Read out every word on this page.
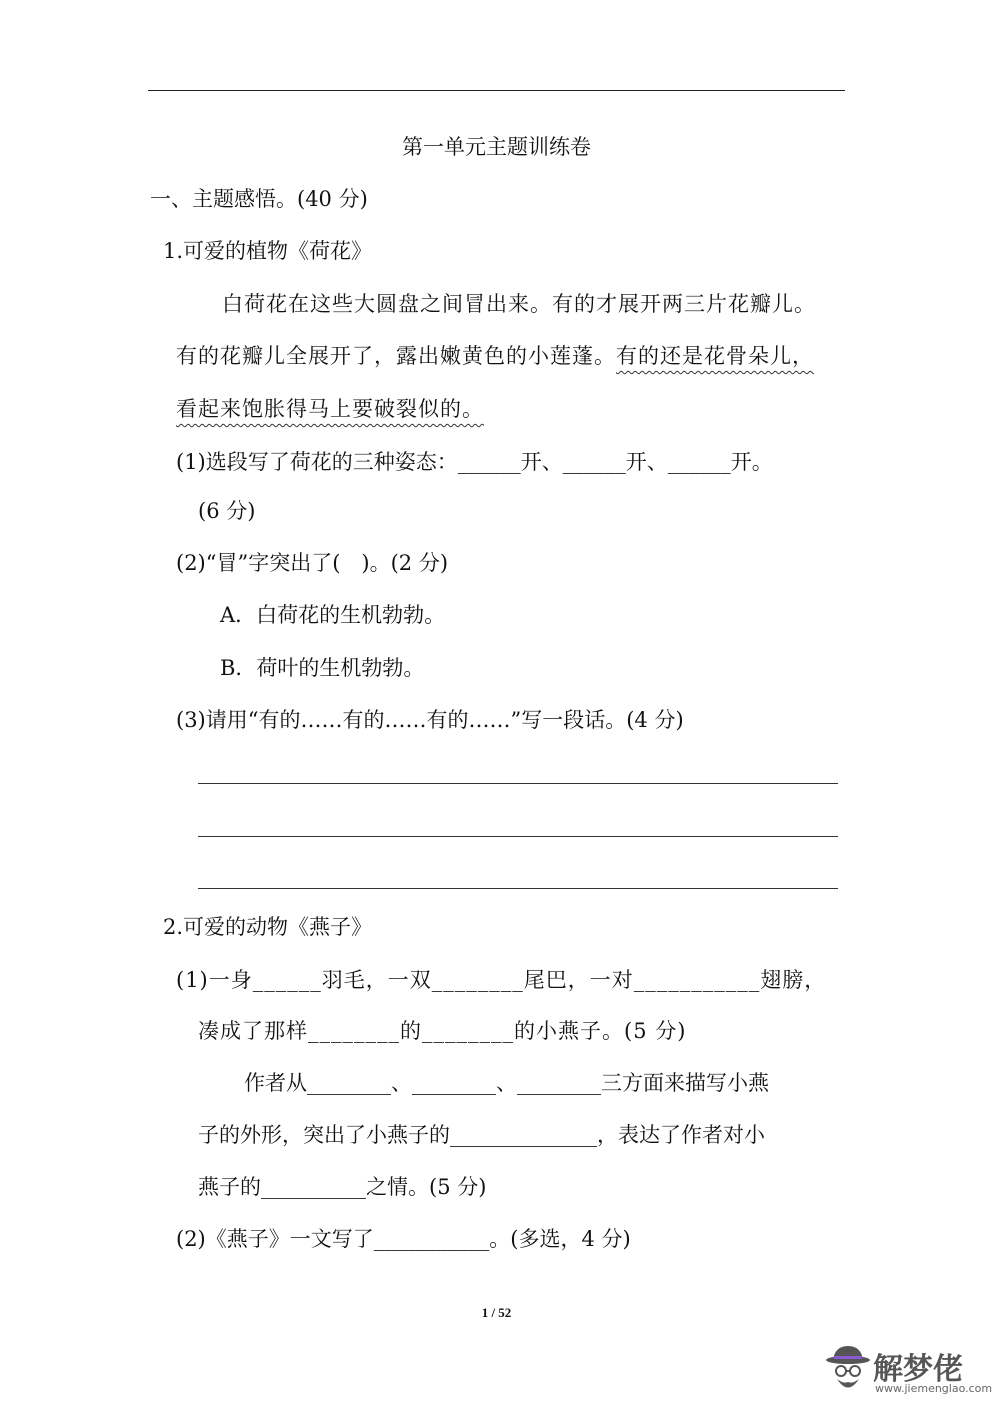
第一单元主题训练卷
一、主题感悟。(40 分)
1.可爱的植物《荷花》
白荷花在这些大圆盘之间冒出来。有的才展开两三片花瓣儿。
有的花瓣儿全展开了，露出嫩黄色的小莲蓬。有的还是花骨朵儿，
看起来饱胀得马上要破裂似的。
(1)选段写了荷花的三种姿态：______开、______开、______开。
(6 分)
(2)“冒”字突出了(　)。(2 分)
A．白荷花的生机勃勃。
B．荷叶的生机勃勃。
(3)请用“有的……有的……有的……”写一段话。(4 分)
2.可爱的动物《燕子》
(1)一身______羽毛，一双________尾巴，一对___________翅膀，
凑成了那样________的________的小燕子。(5 分)
作者从________、________、________三方面来描写小燕
子的外形，突出了小燕子的______________，表达了作者对小
燕子的__________之情。(5 分)
(2)《燕子》一文写了___________。(多选，4 分)
1 / 52
解梦佬
www.jiemenglao.com
